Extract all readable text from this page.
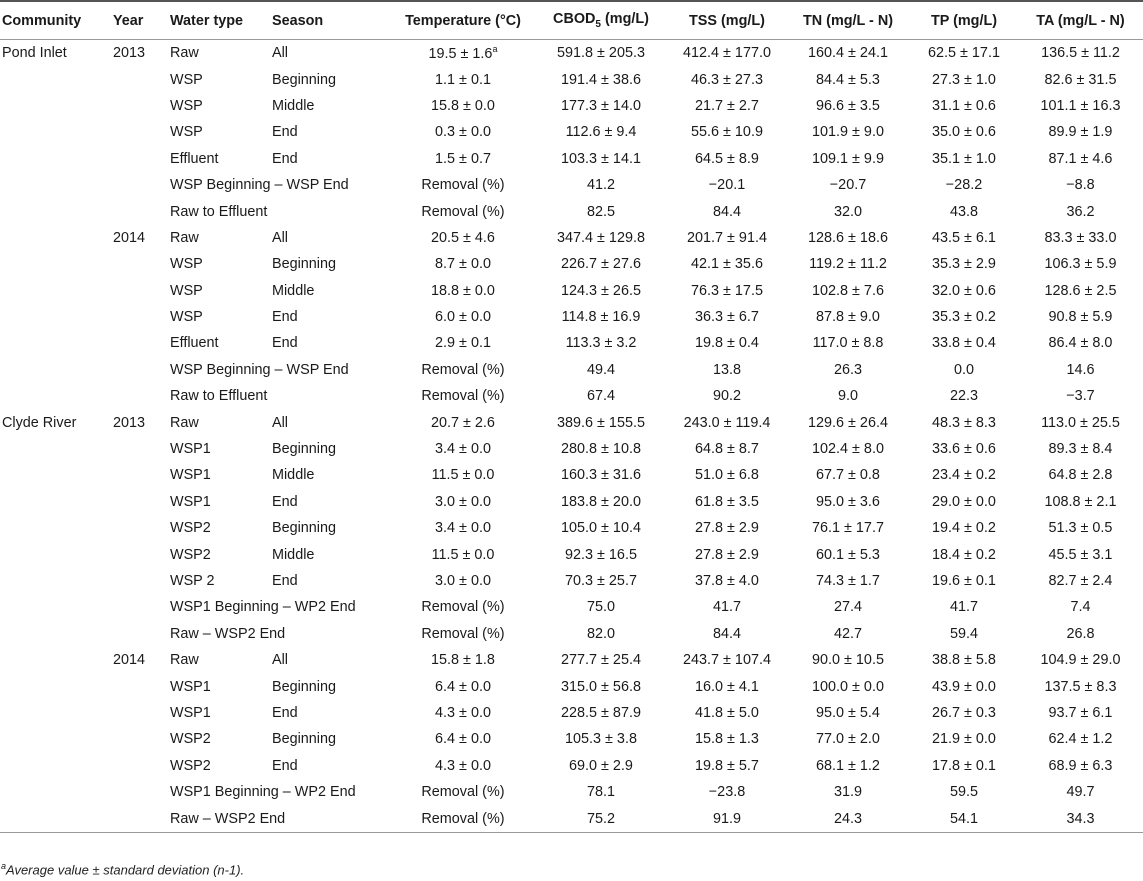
Community	Year	Water type	Season	Temperature (°C)	$CBOD_5$ (mg/L)	TSS (mg/L)	TN (mg/L - N)	TP (mg/L)	TA (mg/L - N)
Pond Inlet	2013	Raw	All	19.5 ± 1.6$^a$	591.8 ± 205.3	412.4 ± 177.0	160.4 ± 24.1	62.5 ± 17.1	136.5 ± 11.2
		WSP	Beginning	1.1 ± 0.1	191.4 ± 38.6	46.3 ± 27.3	84.4 ± 5.3	27.3 ± 1.0	82.6 ± 31.5
		WSP	Middle	15.8 ± 0.0	177.3 ± 14.0	21.7 ± 2.7	96.6 ± 3.5	31.1 ± 0.6	101.1 ± 16.3
		WSP	End	0.3 ± 0.0	112.6 ± 9.4	55.6 ± 10.9	101.9 ± 9.0	35.0 ± 0.6	89.9 ± 1.9
		Effluent	End	1.5 ± 0.7	103.3 ± 14.1	64.5 ± 8.9	109.1 ± 9.9	35.1 ± 1.0	87.1 ± 4.6
		WSP Beginning – WSP End		Removal (%)	41.2	−20.1	−20.7	−28.2	−8.8
		Raw to Effluent		Removal (%)	82.5	84.4	32.0	43.8	36.2
	2014	Raw	All	20.5 ± 4.6	347.4 ± 129.8	201.7 ± 91.4	128.6 ± 18.6	43.5 ± 6.1	83.3 ± 33.0
		WSP	Beginning	8.7 ± 0.0	226.7 ± 27.6	42.1 ± 35.6	119.2 ± 11.2	35.3 ± 2.9	106.3 ± 5.9
		WSP	Middle	18.8 ± 0.0	124.3 ± 26.5	76.3 ± 17.5	102.8 ± 7.6	32.0 ± 0.6	128.6 ± 2.5
		WSP	End	6.0 ± 0.0	114.8 ± 16.9	36.3 ± 6.7	87.8 ± 9.0	35.3 ± 0.2	90.8 ± 5.9
		Effluent	End	2.9 ± 0.1	113.3 ± 3.2	19.8 ± 0.4	117.0 ± 8.8	33.8 ± 0.4	86.4 ± 8.0
		WSP Beginning – WSP End		Removal (%)	49.4	13.8	26.3	0.0	14.6
		Raw to Effluent		Removal (%)	67.4	90.2	9.0	22.3	−3.7
Clyde River	2013	Raw	All	20.7 ± 2.6	389.6 ± 155.5	243.0 ± 119.4	129.6 ± 26.4	48.3 ± 8.3	113.0 ± 25.5
		WSP1	Beginning	3.4 ± 0.0	280.8 ± 10.8	64.8 ± 8.7	102.4 ± 8.0	33.6 ± 0.6	89.3 ± 8.4
		WSP1	Middle	11.5 ± 0.0	160.3 ± 31.6	51.0 ± 6.8	67.7 ± 0.8	23.4 ± 0.2	64.8 ± 2.8
		WSP1	End	3.0 ± 0.0	183.8 ± 20.0	61.8 ± 3.5	95.0 ± 3.6	29.0 ± 0.0	108.8 ± 2.1
		WSP2	Beginning	3.4 ± 0.0	105.0 ± 10.4	27.8 ± 2.9	76.1 ± 17.7	19.4 ± 0.2	51.3 ± 0.5
		WSP2	Middle	11.5 ± 0.0	92.3 ± 16.5	27.8 ± 2.9	60.1 ± 5.3	18.4 ± 0.2	45.5 ± 3.1
		WSP 2	End	3.0 ± 0.0	70.3 ± 25.7	37.8 ± 4.0	74.3 ± 1.7	19.6 ± 0.1	82.7 ± 2.4
		WSP1 Beginning – WP2 End		Removal (%)	75.0	41.7	27.4	41.7	7.4
		Raw – WSP2 End		Removal (%)	82.0	84.4	42.7	59.4	26.8
	2014	Raw	All	15.8 ± 1.8	277.7 ± 25.4	243.7 ± 107.4	90.0 ± 10.5	38.8 ± 5.8	104.9 ± 29.0
		WSP1	Beginning	6.4 ± 0.0	315.0 ± 56.8	16.0 ± 4.1	100.0 ± 0.0	43.9 ± 0.0	137.5 ± 8.3
		WSP1	End	4.3 ± 0.0	228.5 ± 87.9	41.8 ± 5.0	95.0 ± 5.4	26.7 ± 0.3	93.7 ± 6.1
		WSP2	Beginning	6.4 ± 0.0	105.3 ± 3.8	15.8 ± 1.3	77.0 ± 2.0	21.9 ± 0.0	62.4 ± 1.2
		WSP2	End	4.3 ± 0.0	69.0 ± 2.9	19.8 ± 5.7	68.1 ± 1.2	17.8 ± 0.1	68.9 ± 6.3
		WSP1 Beginning – WP2 End		Removal (%)	78.1	−23.8	31.9	59.5	49.7
		Raw – WSP2 End		Removal (%)	75.2	91.9	24.3	54.1	34.3
$^a$Average value ± standard deviation (n-1).
